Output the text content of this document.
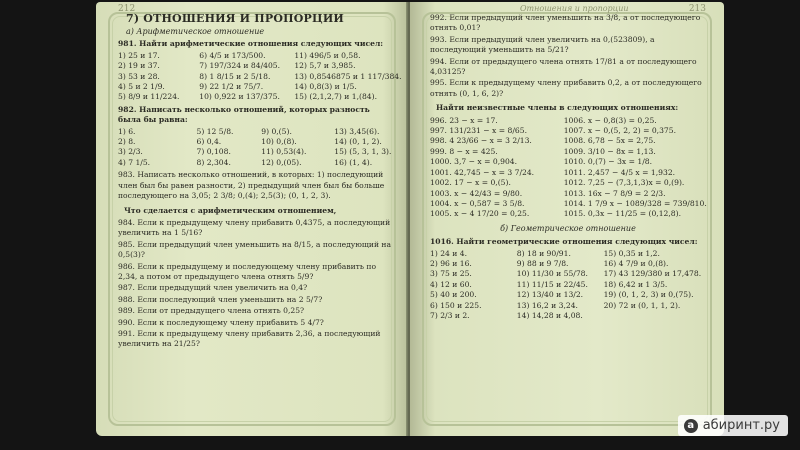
212
7) ОТНОШЕНИЯ И ПРОПОРЦИИ
а) Арифметическое отношение
981. Найти арифметические отношения следующих чисел:
1) 25 и 17.	6) 4/5 и 173/500.	11) 496/5 и 0,58.
2) 19 и 37.	7) 197/324 и 84/405.	12) 5,7 и 3,985.
3) 53 и 28.	8) 1 8/15 и 2 5/18.	13) 0,8546875 и 1 117/384.
4) 5 и 2 1/9.	9) 22 1/2 и 75/7.	14) 0,8(3) и 1/5.
5) 8/9 и 11/224.	10) 0,922 и 137/375.	15) (2,1,2,7) и 1,(84).
982. Написать несколько отношений, которых разность была бы равна:
1) 6.	5) 12 5/8.	9) 0,(5).	13) 3,45(6).
2) 8.	6) 0,4.	10) 0,(8).	14) (0, 1, 2).
3) 2/3.	7) 0,108.	11) 0,53(4).	15) (5, 3, 1, 3).
4) 7 1/5.	8) 2,304.	12) 0,(05).	16) (1, 4).
983. Написать несколько отношений, в которых: 1) последующий член был бы равен разности, 2) предыдущий член был бы больше последующего на 3,05; 2 3/8; 0,(4); 2,5(3); (0, 1, 2, 3).
Что сделается с арифметическим отношением,
984. Если к предыдущему члену прибавить 0,4375, а последующий увеличить на 1 5/16?
985. Если предыдущий член уменьшить на 8/15, а последующий на 0,5(3)?
986. Если к предыдущему и последующему члену прибавить по 2,34, а потом от предыдущего члена отнять 5/9?
987. Если предыдущий член увеличить на 0,4?
988. Если последующий член уменьшить на 2 5/7?
989. Если от предыдущего члена отнять 0,25?
990. Если к последующему члену прибавить 5 4/7?
991. Если к предыдущему члену прибавить 2,36, а последующий увеличить на 21/25?
Отношения и пропорции	213
992. Если предыдущий член уменьшить на 3/8, а от последующего отнять 0,01?
993. Если предыдущий член увеличить на 0,(523809), а последующий уменьшить на 5/21?
994. Если от предыдущего члена отнять 17/81 а от последующего 4,03125?
995. Если к предыдущему члену прибавить 0,2, а от последующего отнять (0, 1, 6, 2)?
Найти неизвестные члены в следующих отношениях:
996. 23 − x = 17.	1006. x − 0,8(3) = 0,25.
997. 131/231 − x = 8/65.	1007. x − 0,(5, 2, 2) = 0,375.
998. 4 23/66 − x = 3 2/13.	1008. 6,78 − 5x = 2,75.
999. 8 − x = 425.	1009. 3/10 − 8x = 1,13.
1000. 3,7 − x = 0,904.	1010. 0,(7) − 3x = 1/8.
1001. 42,745 − x = 3 7/24.	1011. 2,457 − 4/5 x = 1,932.
1002. 17 − x = 0,(5).	1012. 7,25 − (7,3,1,3)x = 0,(9).
1003. x − 42/43 = 9/80.	1013. 16x − 7 8/9 = 2 2/3.
1004. x − 0,587 = 3 5/8.	1014. 1 7/9 x − 1089/328 = 739/810.
1005. x − 4 17/20 = 0,25.	1015. 0,3x − 11/25 = (0,12,8).
б) Геометрическое отношение
1016. Найти геометрические отношения следующих чисел:
1) 24 и 4.	8) 18 и 90/91.	15) 0,35 и 1,2.
2) 96 и 16.	9) 88 и 9 7/8.	16) 4 7/9 и 0,(8).
3) 75 и 25.	10) 11/30 и 55/78.	17) 43 129/380 и 17,478.
4) 12 и 60.	11) 11/15 и 22/45.	18) 6,42 и 1 3/5.
5) 40 и 200.	12) 13/40 и 13/2.	19) (0, 1, 2, 3) и 0,(75).
6) 150 и 225.	13) 16,2 и 3,24.	20) 72 и (0, 1, 1, 2).
7) 2/3 и 2.	14) 14,28 и 4,08.
a абиринт.ру
